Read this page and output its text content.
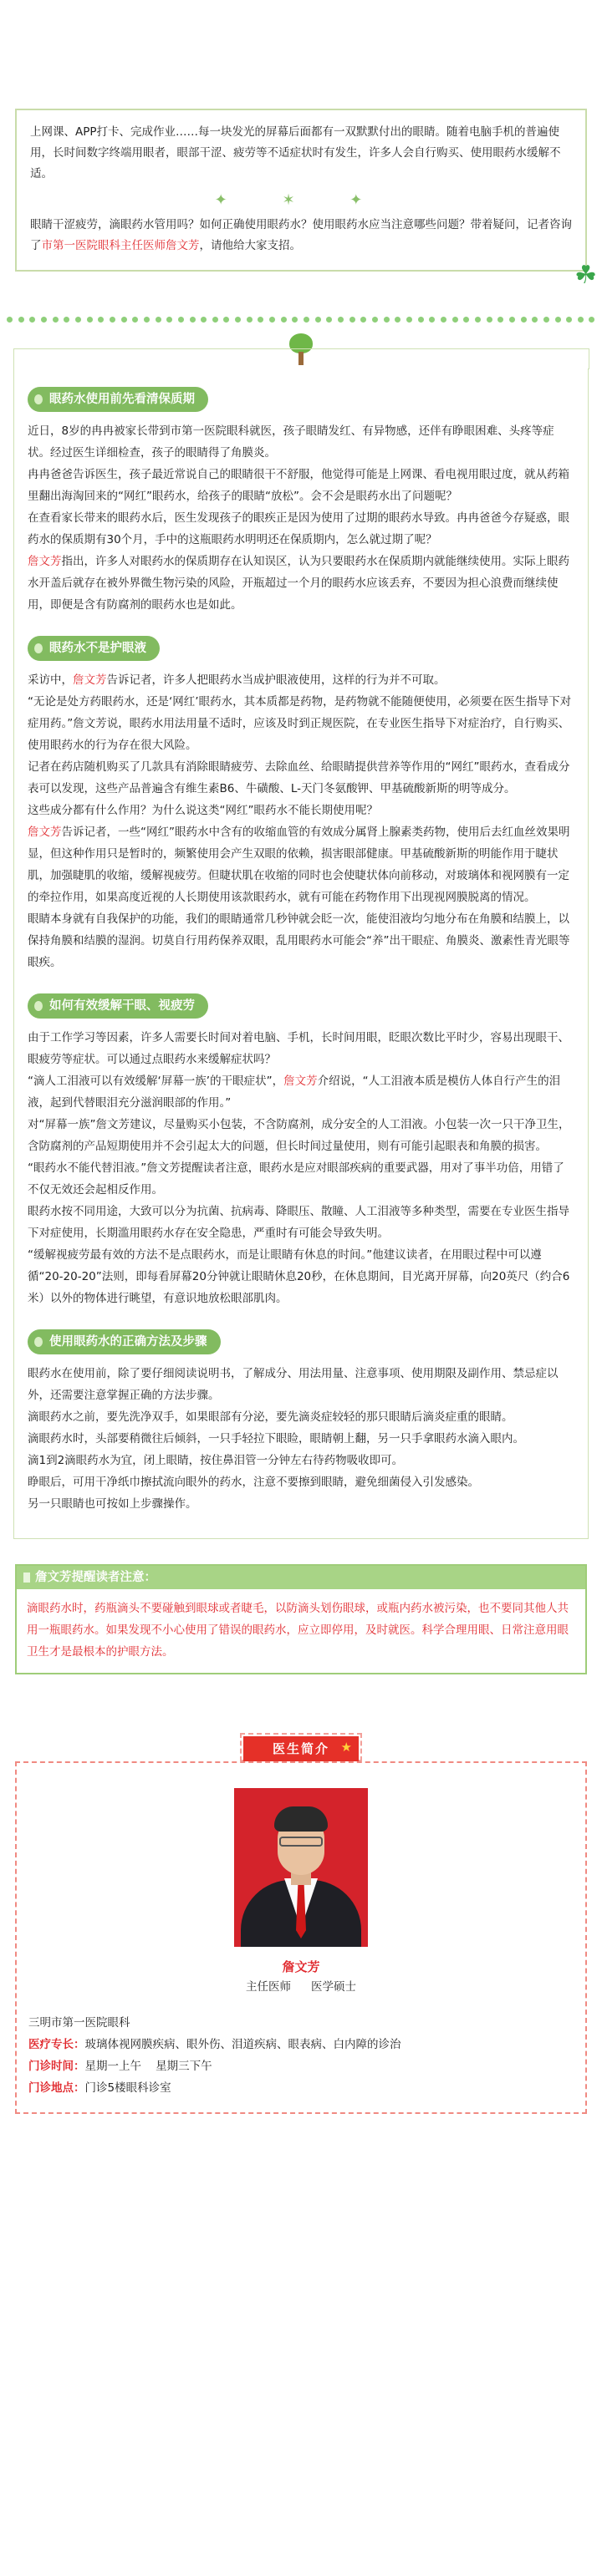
上网课、APP打卡、完成作业……每一块发光的屏幕后面都有一双默默付出的眼睛。随着电脑手机的普遍使用，长时间数字终端用眼者，眼部干涩、疲劳等不适症状时有发生，许多人会自行购买、使用眼药水缓解不适。

✦ ✶ ✦

眼睛干涩疲劳，滴眼药水管用吗？如何正确使用眼药水？使用眼药水应当注意哪些问题？带着疑问，记者咨询了市第一医院眼科主任医师詹文芳，请他给大家支招。

☘
眼药水使用前先看清保质期
近日，8岁的冉冉被家长带到市第一医院眼科就医，孩子眼睛发红、有异物感，还伴有睁眼困难、头疼等症状。经过医生详细检查，孩子的眼睛得了角膜炎。
冉冉爸爸告诉医生，孩子最近常说自己的眼睛很干不舒服，他觉得可能是上网课、看电视用眼过度，就从药箱里翻出海淘回来的“网红”眼药水，给孩子的眼睛“放松”。会不会是眼药水出了问题呢？
在查看家长带来的眼药水后，医生发现孩子的眼疾正是因为使用了过期的眼药水导致。冉冉爸爸今存疑惑，眼药水的保质期有30个月，手中的这瓶眼药水明明还在保质期内，怎么就过期了呢？
詹文芳指出，许多人对眼药水的保质期存在认知误区，认为只要眼药水在保质期内就能继续使用。实际上眼药水开盖后就存在被外界微生物污染的风险，开瓶超过一个月的眼药水应该丢弃，不要因为担心浪费而继续使用，即便是含有防腐剂的眼药水也是如此。
眼药水不是护眼液
采访中，詹文芳告诉记者，许多人把眼药水当成护眼液使用，这样的行为并不可取。
“无论是处方药眼药水，还是‘网红’眼药水，其本质都是药物，是药物就不能随便使用，必须要在医生指导下对症用药。”詹文芳说，眼药水用法用量不适时，应该及时到正规医院，在专业医生指导下对症治疗，自行购买、使用眼药水的行为存在很大风险。
记者在药店随机购买了几款具有消除眼睛疲劳、去除血丝、给眼睛提供营养等作用的“网红”眼药水，查看成分表可以发现，这些产品普遍含有维生素B6、牛磺酸、L-天门冬氨酸钾、甲基硫酸新斯的明等成分。
这些成分都有什么作用？为什么说这类“网红”眼药水不能长期使用呢？
詹文芳告诉记者，一些“网红”眼药水中含有的收缩血管的有效成分属肾上腺素类药物，使用后去红血丝效果明显，但这种作用只是暂时的，频繁使用会产生双眼的依赖，损害眼部健康。甲基硫酸新斯的明能作用于睫状肌，加强睫肌的收缩，缓解视疲劳。但睫状肌在收缩的同时也会使睫状体向前移动，对玻璃体和视网膜有一定的牵拉作用，如果高度近视的人长期使用该款眼药水，就有可能在药物作用下出现视网膜脱离的情况。
眼睛本身就有自我保护的功能，我们的眼睛通常几秒钟就会眨一次，能使泪液均匀地分布在角膜和结膜上，以保持角膜和结膜的湿润。切莫自行用药保养双眼，乱用眼药水可能会“养”出干眼症、角膜炎、激素性青光眼等眼疾。
如何有效缓解干眼、视疲劳
由于工作学习等因素，许多人需要长时间对着电脑、手机，长时间用眼，眨眼次数比平时少，容易出现眼干、眼疲劳等症状。可以通过点眼药水来缓解症状吗？
“滴人工泪液可以有效缓解‘屏幕一族’的干眼症状”，詹文芳介绍说，“人工泪液本质是模仿人体自行产生的泪液，起到代替眼泪充分滋润眼部的作用。”
对“屏幕一族”詹文芳建议，尽量购买小包装，不含防腐剂，成分安全的人工泪液。小包装一次一只干净卫生，含防腐剂的产品短期使用并不会引起太大的问题，但长时间过量使用，则有可能引起眼表和角膜的损害。
“眼药水不能代替泪液。”詹文芳提醒读者注意，眼药水是应对眼部疾病的重要武器，用对了事半功倍，用错了不仅无效还会起相反作用。
眼药水按不同用途，大致可以分为抗菌、抗病毒、降眼压、散瞳、人工泪液等多种类型，需要在专业医生指导下对症使用，长期滥用眼药水存在安全隐患，严重时有可能会导致失明。
“缓解视疲劳最有效的方法不是点眼药水，而是让眼睛有休息的时间。”他建议读者，在用眼过程中可以遵循“20-20-20”法则，即每看屏幕20分钟就让眼睛休息20秒，在休息期间，目光离开屏幕，向20英尺（约合6米）以外的物体进行眺望，有意识地放松眼部肌肉。
使用眼药水的正确方法及步骤
眼药水在使用前，除了要仔细阅读说明书，了解成分、用法用量、注意事项、使用期限及副作用、禁忌症以外，还需要注意掌握正确的方法步骤。
滴眼药水之前，要先洗净双手，如果眼部有分泌，要先滴炎症较轻的那只眼睛后滴炎症重的眼睛。
滴眼药水时，头部要稍微往后倾斜，一只手轻拉下眼睑，眼睛朝上翻，另一只手拿眼药水滴入眼内。
滴1到2滴眼药水为宜，闭上眼睛，按住鼻泪管一分钟左右待药物吸收即可。
睁眼后，可用干净纸巾擦拭流向眼外的药水，注意不要擦到眼睛，避免细菌侵入引发感染。
另一只眼睛也可按如上步骤操作。
詹文芳提醒读者注意：
滴眼药水时，药瓶滴头不要碰触到眼球或者睫毛，以防滴头划伤眼球，或瓶内药水被污染，也不要同其他人共用一瓶眼药水。如果发现不小心使用了错误的眼药水，应立即停用，及时就医。科学合理用眼、日常注意用眼卫生才是最根本的护眼方法。
医生简介 ★
詹文芳
主任医师 医学硕士
三明市第一医院眼科
医疗专长：玻璃体视网膜疾病、眼外伤、泪道疾病、眼表病、白内障的诊治
门诊时间：星期一上午    星期三下午
门诊地点：门诊5楼眼科诊室
